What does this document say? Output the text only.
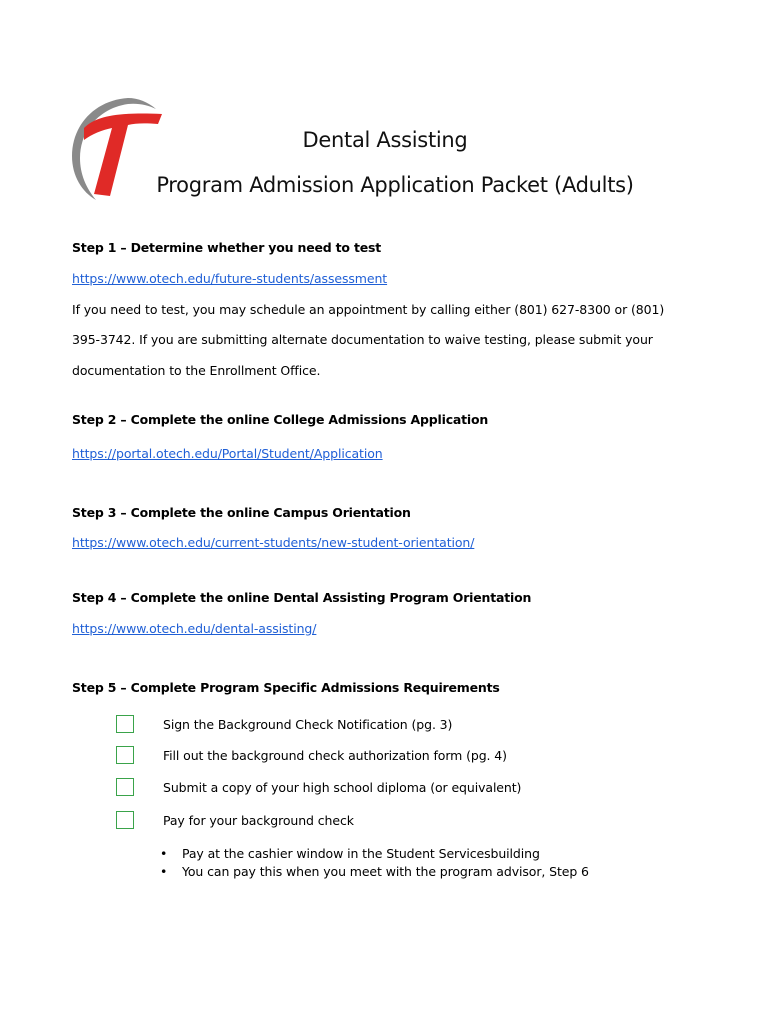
Dental Assisting
Program Admission Application Packet (Adults)

Step 1 – Determine whether you need to test

https://www.otech.edu/future-students/assessment

If you need to test, you may schedule an appointment by calling either (801) 627-8300 or (801)

395-3742. If you are submitting alternate documentation to waive testing, please submit your

documentation to the Enrollment Office.

Step 2 – Complete the online College Admissions Application

https://portal.otech.edu/Portal/Student/Application

Step 3 – Complete the online Campus Orientation

https://www.otech.edu/current-students/new-student-orientation/

Step 4 – Complete the online Dental Assisting Program Orientation

https://www.otech.edu/dental-assisting/

Step 5 – Complete Program Specific Admissions Requirements

Sign the Background Check Notification (pg. 3)

Fill out the background check authorization form (pg. 4)

Submit a copy of your high school diploma (or equivalent)

Pay for your background check

• Pay at the cashier window in the Student Servicesbuilding

• You can pay this when you meet with the program advisor, Step 6
